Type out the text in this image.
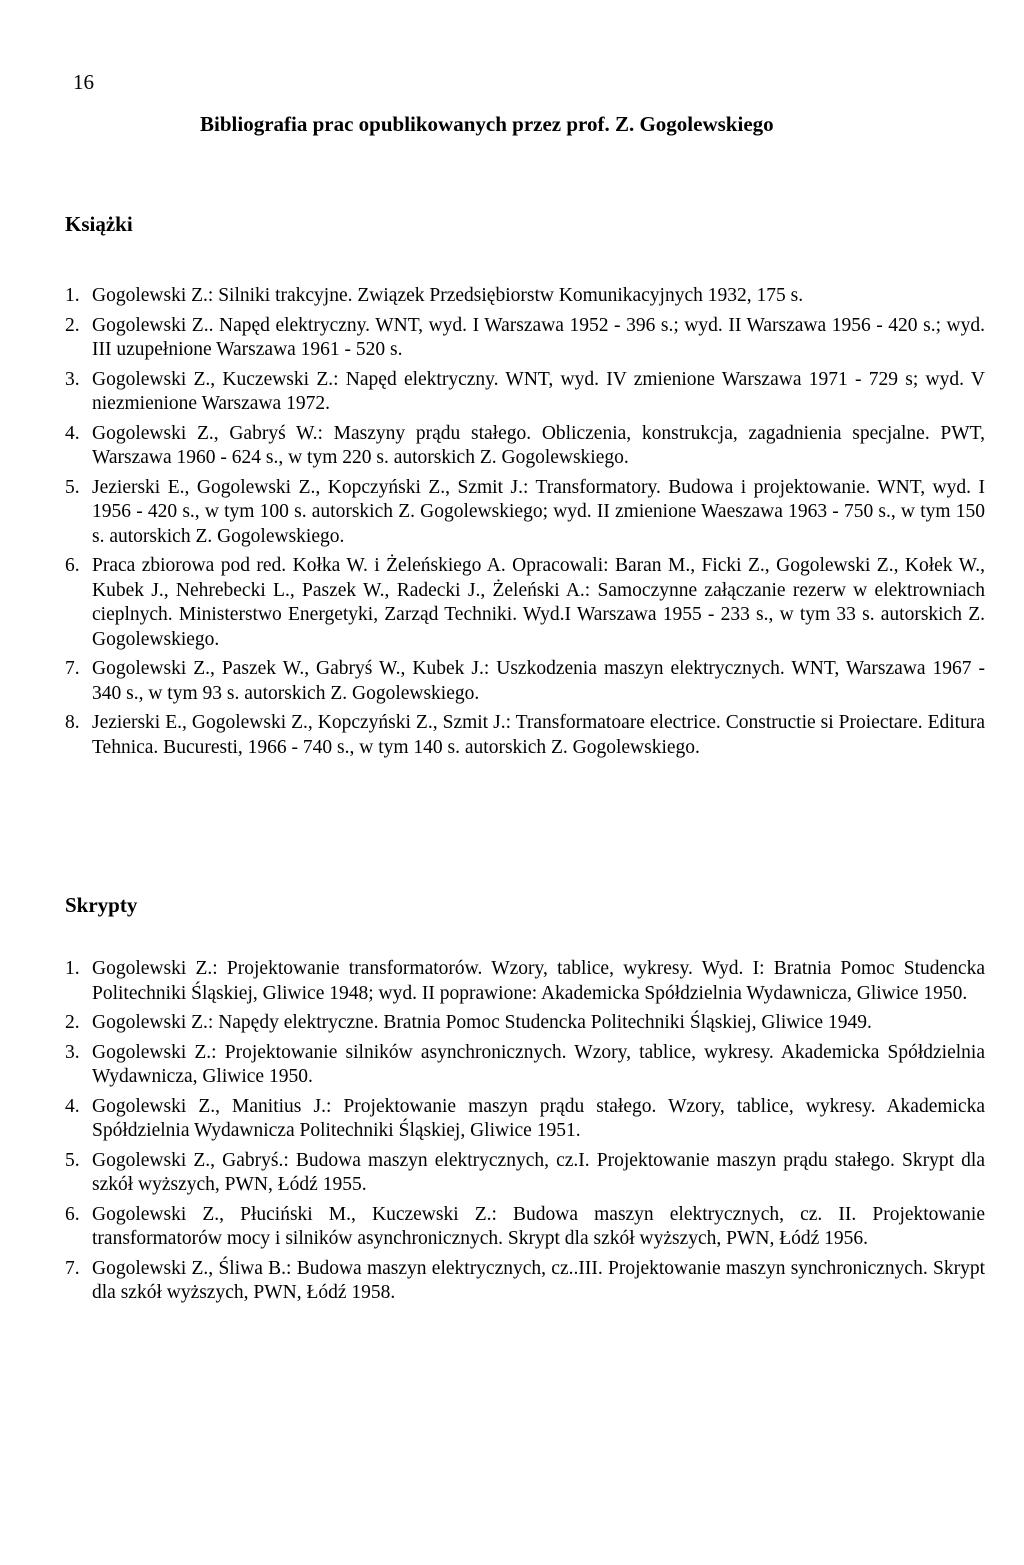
16
Bibliografia prac opublikowanych przez prof. Z. Gogolewskiego
Książki
1. Gogolewski Z.: Silniki trakcyjne. Związek Przedsiębiorstw Komunikacyjnych 1932, 175 s.
2. Gogolewski Z.. Napęd elektryczny. WNT, wyd. I Warszawa 1952 - 396 s.; wyd. II Warszawa 1956 - 420 s.; wyd. III uzupełnione Warszawa 1961 - 520 s.
3. Gogolewski Z., Kuczewski Z.: Napęd elektryczny. WNT, wyd. IV zmienione Warszawa 1971 - 729 s; wyd. V niezmienione Warszawa 1972.
4. Gogolewski Z., Gabryś W.: Maszyny prądu stałego. Obliczenia, konstrukcja, zagadnienia specjalne. PWT, Warszawa 1960 - 624 s., w tym 220 s. autorskich Z. Gogolewskiego.
5. Jezierski E., Gogolewski Z., Kopczyński Z., Szmit J.: Transformatory. Budowa i projektowanie. WNT, wyd. I 1956 - 420 s., w tym 100 s. autorskich Z. Gogolewskiego; wyd. II zmienione Waeszawa 1963 - 750 s., w tym 150 s. autorskich Z. Gogolewskiego.
6. Praca zbiorowa pod red. Kołka W. i Żeleńskiego A. Opracowali: Baran M., Ficki Z., Gogolewski Z., Kołek W., Kubek J., Nehrebecki L., Paszek W., Radecki J., Żeleński A.: Samoczynne załączanie rezerw w elektrowniach cieplnych. Ministerstwo Energetyki, Zarząd Techniki. Wyd.I Warszawa 1955 - 233 s., w tym 33 s. autorskich Z. Gogolewskiego.
7. Gogolewski Z., Paszek W., Gabryś W., Kubek J.: Uszkodzenia maszyn elektrycznych. WNT, Warszawa 1967 - 340 s., w tym 93 s. autorskich Z. Gogolewskiego.
8. Jezierski E., Gogolewski Z., Kopczyński Z., Szmit J.: Transformatoare electrice. Constructie si Proiectare. Editura Tehnica. Bucuresti, 1966 - 740 s., w tym 140 s. autorskich Z. Gogolewskiego.
Skrypty
1. Gogolewski Z.: Projektowanie transformatorów. Wzory, tablice, wykresy. Wyd. I: Bratnia Pomoc Studencka Politechniki Śląskiej, Gliwice 1948; wyd. II poprawione: Akademicka Spółdzielnia Wydawnicza, Gliwice 1950.
2. Gogolewski Z.: Napędy elektryczne. Bratnia Pomoc Studencka Politechniki Śląskiej, Gliwice 1949.
3. Gogolewski Z.: Projektowanie silników asynchronicznych. Wzory, tablice, wykresy. Akademicka Spółdzielnia Wydawnicza, Gliwice 1950.
4. Gogolewski Z., Manitius J.: Projektowanie maszyn prądu stałego. Wzory, tablice, wykresy. Akademicka Spółdzielnia Wydawnicza Politechniki Śląskiej, Gliwice 1951.
5. Gogolewski Z., Gabryś.: Budowa maszyn elektrycznych, cz.I. Projektowanie maszyn prądu stałego. Skrypt dla szkół wyższych, PWN, Łódź 1955.
6. Gogolewski Z., Płuciński M., Kuczewski Z.: Budowa maszyn elektrycznych, cz. II. Projektowanie transformatorów mocy i silników asynchronicznych. Skrypt dla szkół wyższych, PWN, Łódź 1956.
7. Gogolewski Z., Śliwa B.: Budowa maszyn elektrycznych, cz..III. Projektowanie maszyn synchronicznych. Skrypt dla szkół wyższych, PWN, Łódź 1958.
